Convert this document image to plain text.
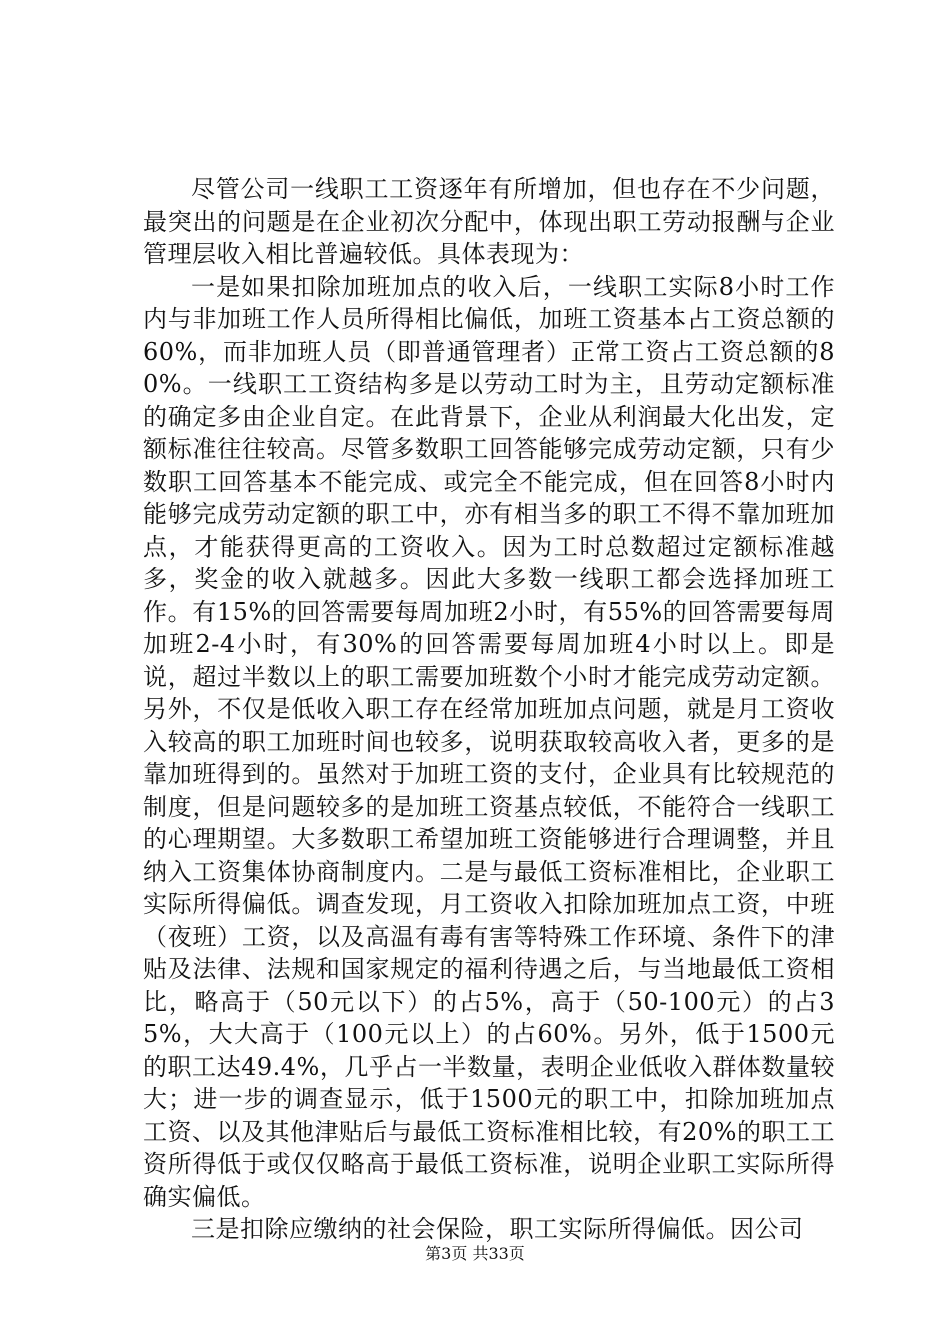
尽管公司一线职工工资逐年有所增加，但也存在不少问题，最突出的问题是在企业初次分配中，体现出职工劳动报酬与企业管理层收入相比普遍较低。具体表现为：

一是如果扣除加班加点的收入后，一线职工实际8小时工作内与非加班工作人员所得相比偏低，加班工资基本占工资总额的60%，而非加班人员（即普通管理者）正常工资占工资总额的80%。一线职工工资结构多是以劳动工时为主，且劳动定额标准的确定多由企业自定。在此背景下，企业从利润最大化出发，定额标准往往较高。尽管多数职工回答能够完成劳动定额，只有少数职工回答基本不能完成、或完全不能完成，但在回答8小时内能够完成劳动定额的职工中，亦有相当多的职工不得不靠加班加点，才能获得更高的工资收入。因为工时总数超过定额标准越多，奖金的收入就越多。因此大多数一线职工都会选择加班工作。有15%的回答需要每周加班2小时，有55%的回答需要每周加班2-4小时，有30%的回答需要每周加班4小时以上。即是说，超过半数以上的职工需要加班数个小时才能完成劳动定额。另外，不仅是低收入职工存在经常加班加点问题，就是月工资收入较高的职工加班时间也较多，说明获取较高收入者，更多的是靠加班得到的。虽然对于加班工资的支付，企业具有比较规范的制度，但是问题较多的是加班工资基点较低，不能符合一线职工的心理期望。大多数职工希望加班工资能够进行合理调整，并且纳入工资集体协商制度内。二是与最低工资标准相比，企业职工实际所得偏低。调查发现，月工资收入扣除加班加点工资，中班（夜班）工资，以及高温有毒有害等特殊工作环境、条件下的津贴及法律、法规和国家规定的福利待遇之后，与当地最低工资相比，略高于（50元以下）的占5%，高于（50-100元）的占35%，大大高于（100元以上）的占60%。另外，低于1500元的职工达49.4%，几乎占一半数量，表明企业低收入群体数量较大；进一步的调查显示，低于1500元的职工中，扣除加班加点工资、以及其他津贴后与最低工资标准相比较，有20%的职工工资所得低于或仅仅略高于最低工资标准，说明企业职工实际所得确实偏低。

三是扣除应缴纳的社会保险，职工实际所得偏低。因公司

第3页 共33页
